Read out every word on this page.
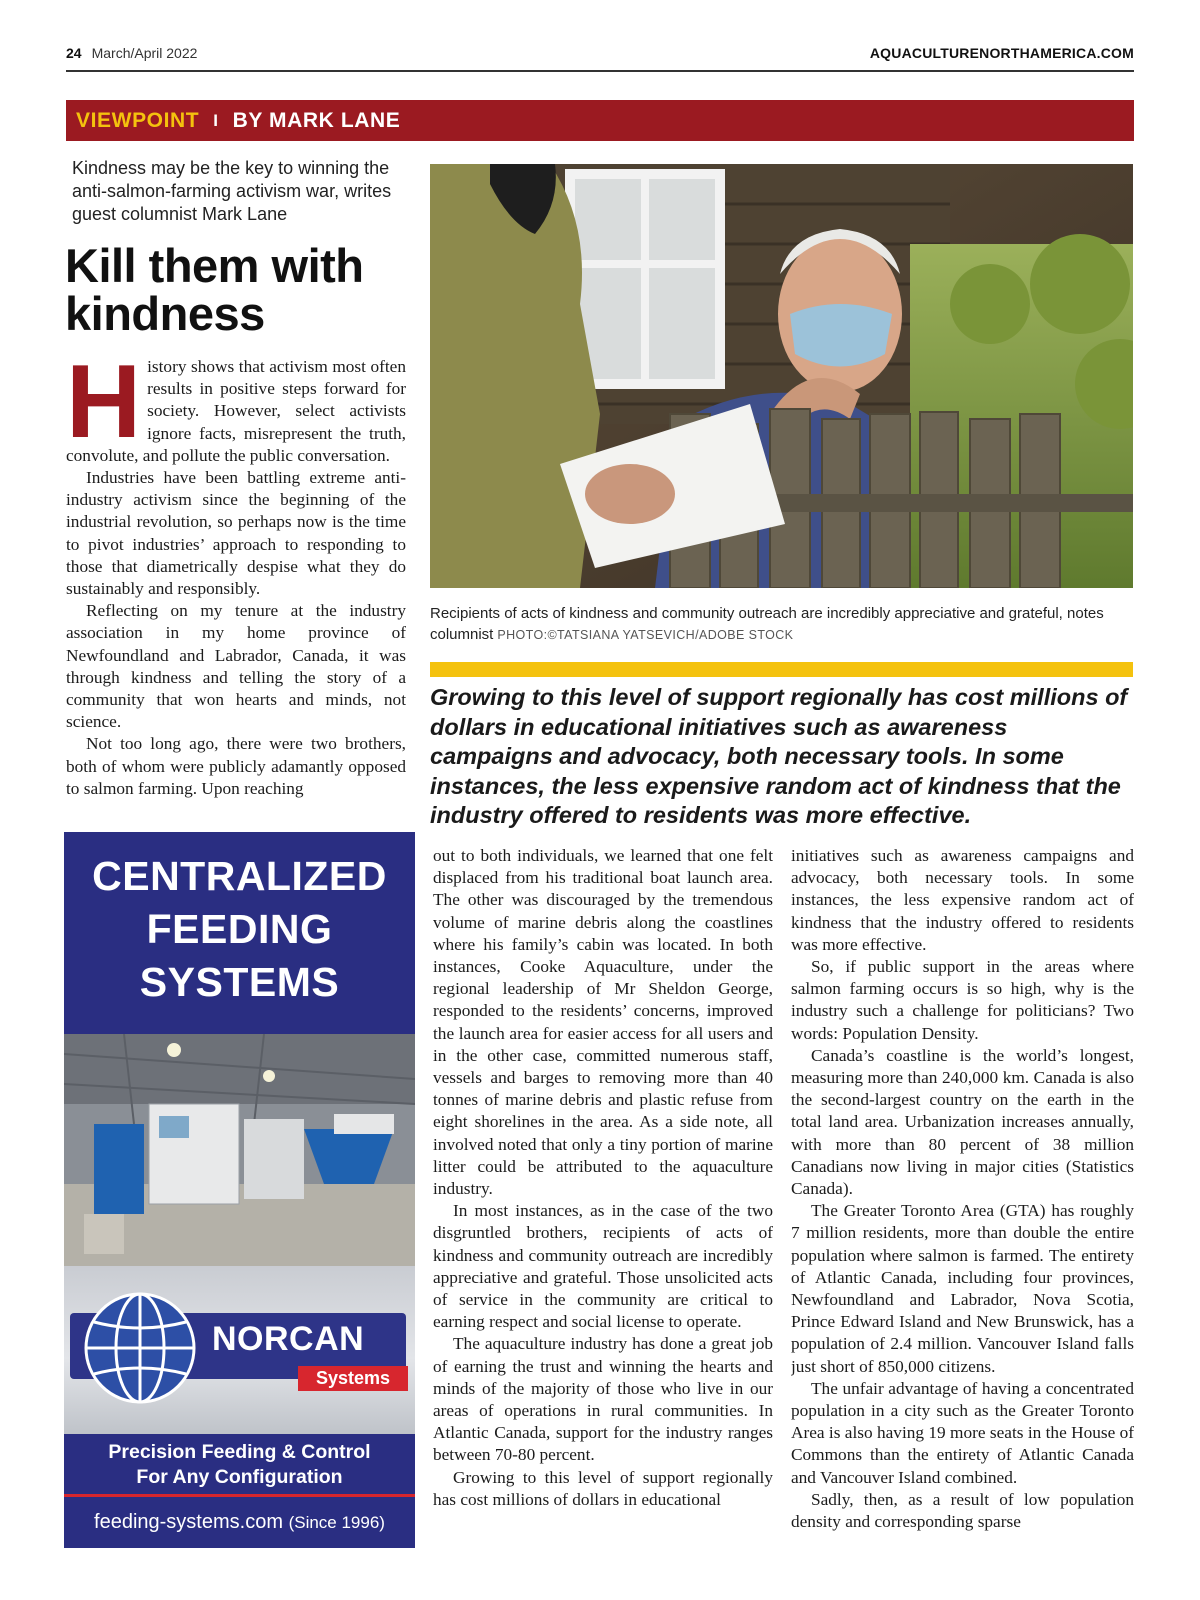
24 March/April 2022	AQUACULTURENORTHAMERICA.COM
VIEWPOINT I BY MARK LANE
Kindness may be the key to winning the anti-salmon-farming activism war, writes guest columnist Mark Lane
Kill them with kindness

History shows that activism most often results in positive steps forward for society. However, select activists ignore facts, misrepresent the truth, convolute, and pollute the public conversation.

Industries have been battling extreme anti-industry activism since the beginning of the industrial revolution, so perhaps now is the time to pivot industries’ approach to responding to those that diametrically despise what they do sustainably and responsibly.

Reflecting on my tenure at the industry association in my home province of Newfoundland and Labrador, Canada, it was through kindness and telling the story of a community that won hearts and minds, not science.

Not too long ago, there were two brothers, both of whom were publicly adamantly opposed to salmon farming. Upon reaching

Recipients of acts of kindness and community outreach are incredibly appreciative and grateful, notes columnist PHOTO:©TATSIANA YATSEVICH/ADOBE STOCK
Growing to this level of support regionally has cost millions of dollars in educational initiatives such as awareness campaigns and advocacy, both necessary tools. In some instances, the less expensive random act of kindness that the industry offered to residents was more effective.

out to both individuals, we learned that one felt displaced from his traditional boat launch area. The other was discouraged by the tremendous volume of marine debris along the coastlines where his family’s cabin was located. In both instances, Cooke Aquaculture, under the regional leadership of Mr Sheldon George, responded to the residents’ concerns, improved the launch area for easier access for all users and in the other case, committed numerous staff, vessels and barges to removing more than 40 tonnes of marine debris and plastic refuse from eight shorelines in the area. As a side note, all involved noted that only a tiny portion of marine litter could be attributed to the aquaculture industry.

In most instances, as in the case of the two disgruntled brothers, recipients of acts of kindness and community outreach are incredibly appreciative and grateful. Those unsolicited acts of service in the community are critical to earning respect and social license to operate.

The aquaculture industry has done a great job of earning the trust and winning the hearts and minds of the majority of those who live in our areas of operations in rural communities. In Atlantic Canada, support for the industry ranges between 70-80 percent.

Growing to this level of support regionally has cost millions of dollars in educational

initiatives such as awareness campaigns and advocacy, both necessary tools. In some instances, the less expensive random act of kindness that the industry offered to residents was more effective.

So, if public support in the areas where salmon farming occurs is so high, why is the industry such a challenge for politicians? Two words: Population Density.

Canada’s coastline is the world’s longest, measuring more than 240,000 km. Canada is also the second-largest country on the earth in the total land area. Urbanization increases annually, with more than 80 percent of 38 million Canadians now living in major cities (Statistics Canada).

The Greater Toronto Area (GTA) has roughly 7 million residents, more than double the entire population where salmon is farmed. The entirety of Atlantic Canada, including four provinces, Newfoundland and Labrador, Nova Scotia, Prince Edward Island and New Brunswick, has a population of 2.4 million. Vancouver Island falls just short of 850,000 citizens.

The unfair advantage of having a concentrated population in a city such as the Greater Toronto Area is also having 19 more seats in the House of Commons than the entirety of Atlantic Canada and Vancouver Island combined.

Sadly, then, as a result of low population density and corresponding sparse

CENTRALIZED
FEEDING
SYSTEMS
NORCAN
Systems
Precision Feeding & Control
For Any Configuration
feeding-systems.com (Since 1996)
